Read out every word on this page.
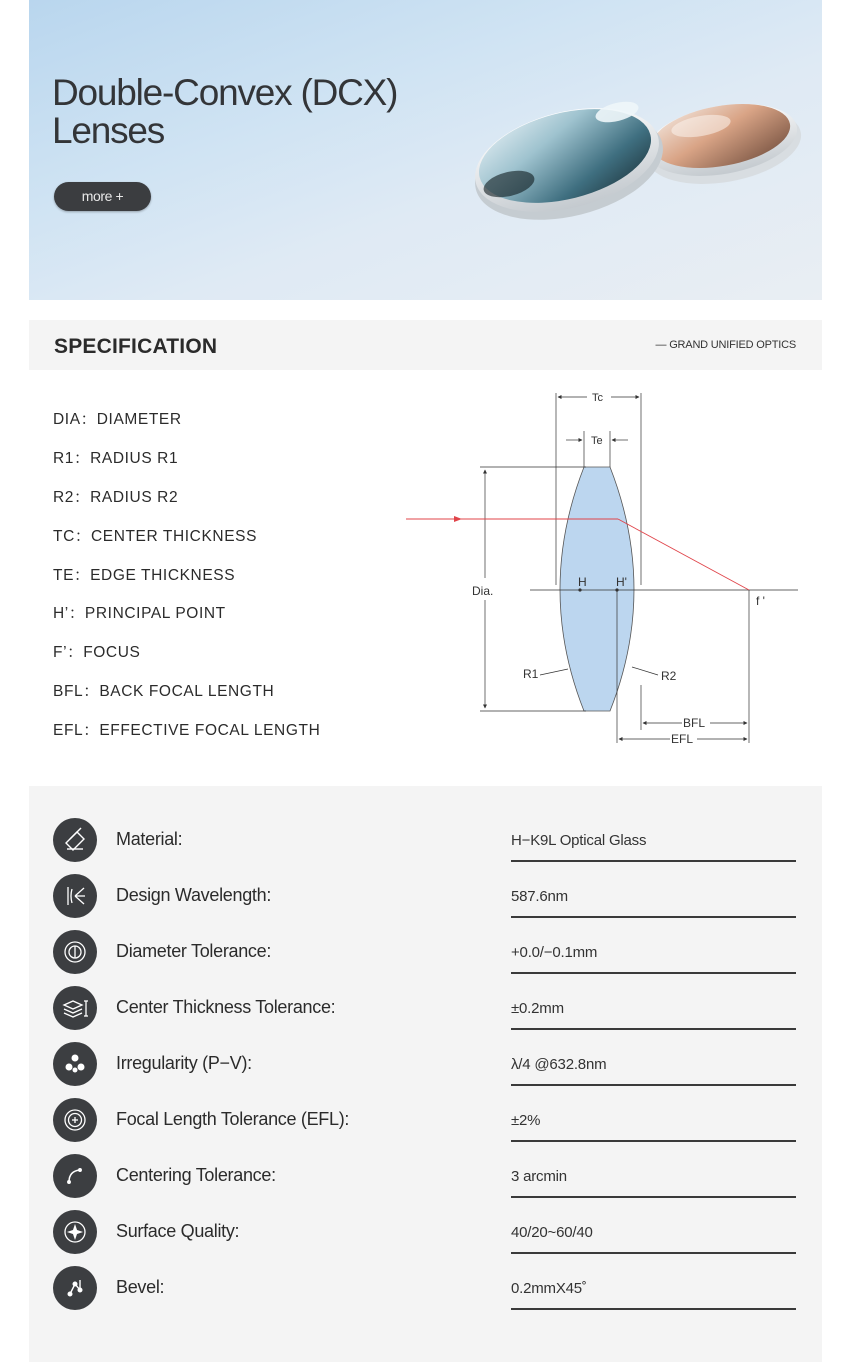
Double-Convex (DCX)
Lenses
more +
SPECIFICATION	— GRAND UNIFIED OPTICS
DIA：DIAMETER
R1：RADIUS R1
R2：RADIUS R2
TC：CENTER THICKNESS
TE：EDGE THICKNESS
H’：PRINCIPAL POINT
F’：FOCUS
BFL：BACK FOCAL LENGTH
EFL：EFFECTIVE FOCAL LENGTH
Tc
Te
Dia.
H H'
f '
R1	R2
BFL
EFL
Material:	H−K9L Optical Glass
Design Wavelength:	587.6nm
Diameter Tolerance:	+0.0/−0.1mm
Center Thickness Tolerance:	±0.2mm
Irregularity (P−V):	λ/4 @632.8nm
Focal Length Tolerance (EFL):	±2%
Centering Tolerance:	3 arcmin
Surface Quality:	40/20~60/40
Bevel:	0.2mmX45˚
